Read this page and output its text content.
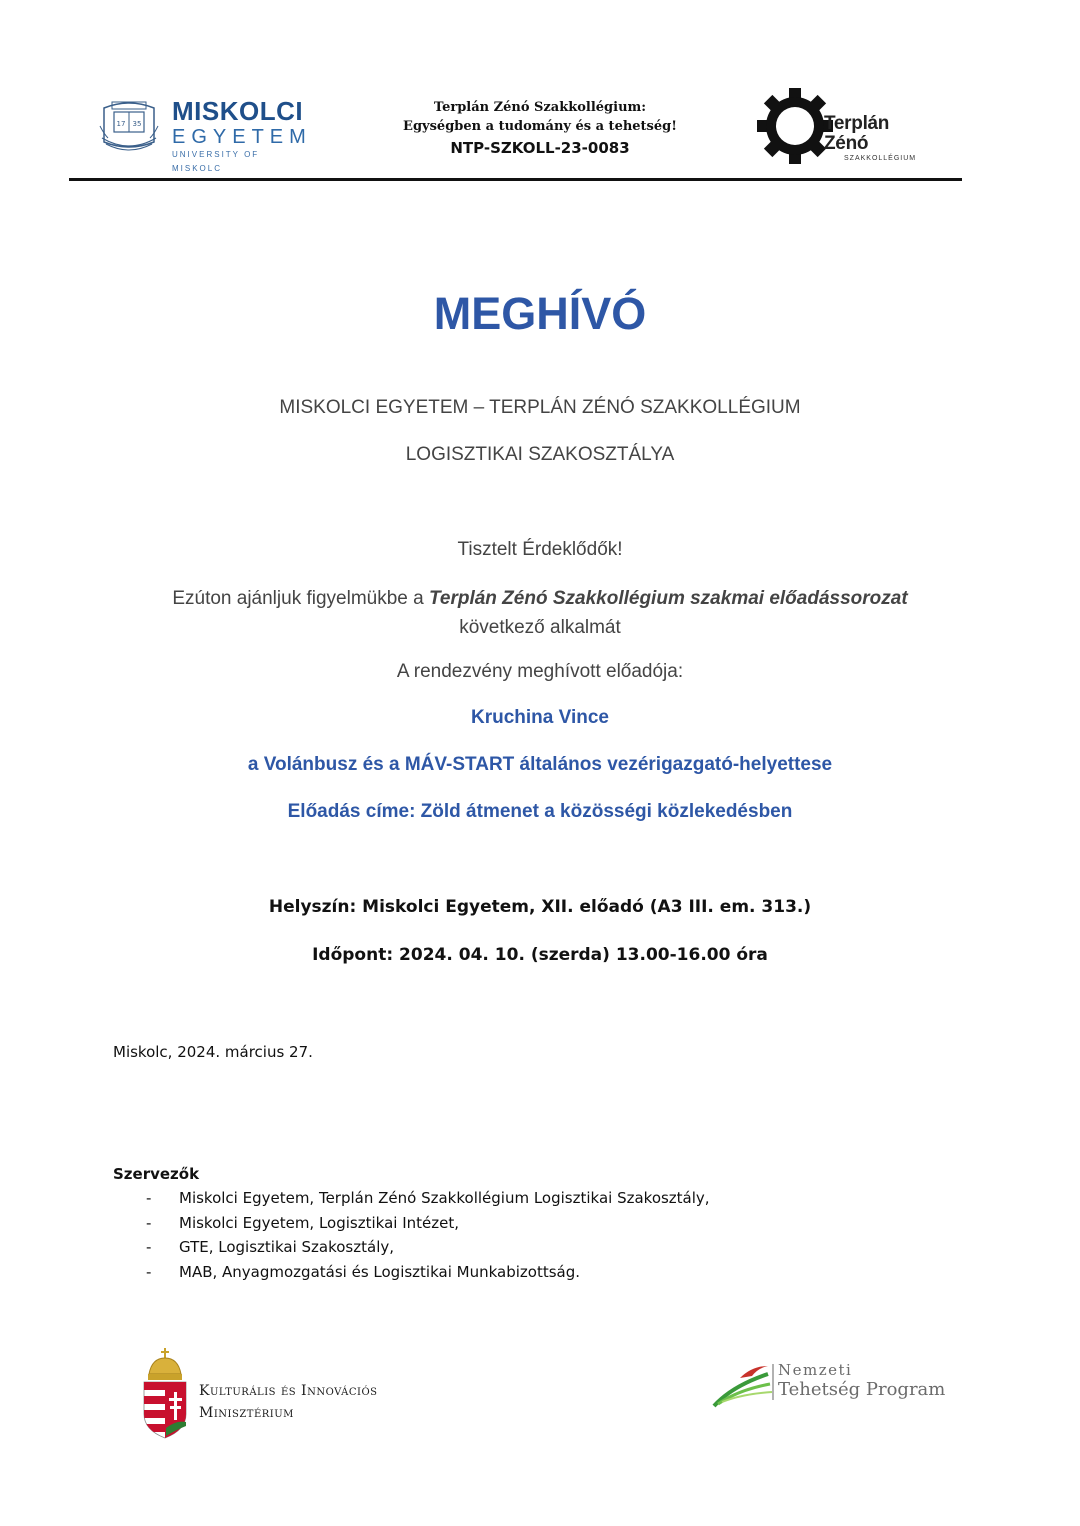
17 35 MISKOLCI
EGYETEM
UNIVERSITY OF MISKOLC
Terplán Zénó Szakkollégium:
Egységben a tudomány és a tehetség!
NTP-SZKOLL-23-0083
Terplán Zénó
SZAKKOLLÉGIUM
MEGHÍVÓ
MISKOLCI EGYETEM – TERPLÁN ZÉNÓ SZAKKOLLÉGIUM
LOGISZTIKAI SZAKOSZTÁLYA
Tisztelt Érdeklődők!
Ezúton ajánljuk figyelmükbe a Terplán Zénó Szakkollégium szakmai előadássorozat
következő alkalmát
A rendezvény meghívott előadója:
Kruchina Vince
a Volánbusz és a MÁV-START általános vezérigazgató-helyettese
Előadás címe: Zöld átmenet a közösségi közlekedésben
Helyszín: Miskolci Egyetem, XII. előadó (A3 III. em. 313.)
Időpont: 2024. 04. 10. (szerda) 13.00-16.00 óra
Miskolc, 2024. március 27.
Szervezők
- Miskolci Egyetem, Terplán Zénó Szakkollégium Logisztikai Szakosztály,
- Miskolci Egyetem, Logisztikai Intézet,
- GTE, Logisztikai Szakosztály,
- MAB, Anyagmozgatási és Logisztikai Munkabizottság.
Kulturális és Innovációs
Minisztérium
Nemzeti
Tehetség Program
